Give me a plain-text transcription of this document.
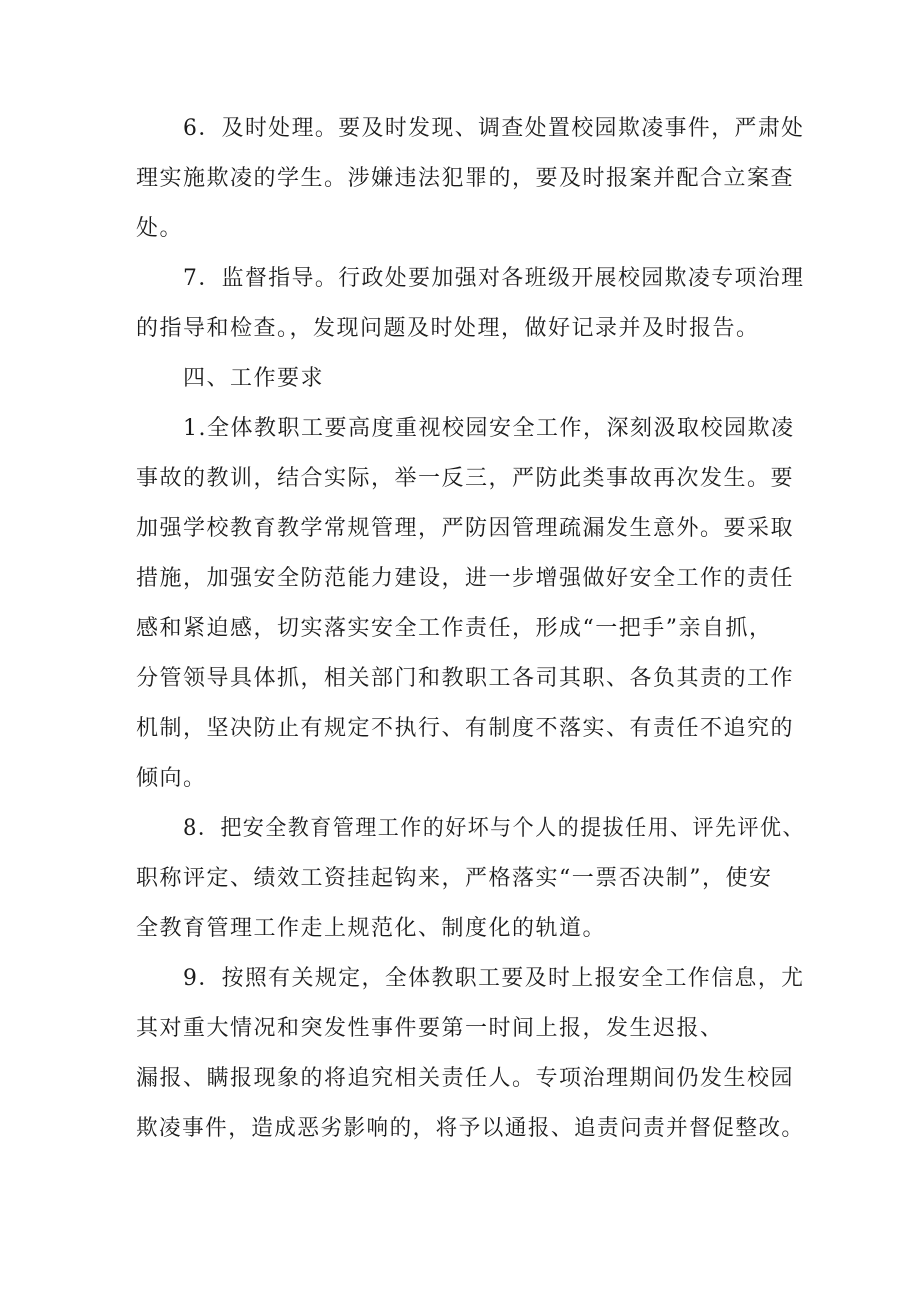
6．及时处理。要及时发现、调查处置校园欺凌事件，严肃处
理实施欺凌的学生。涉嫌违法犯罪的，要及时报案并配合立案查
处。
7．监督指导。行政处要加强对各班级开展校园欺凌专项治理
的指导和检查。，发现问题及时处理，做好记录并及时报告。
四、工作要求
1.全体教职工要高度重视校园安全工作，深刻汲取校园欺凌
事故的教训，结合实际，举一反三，严防此类事故再次发生。要
加强学校教育教学常规管理，严防因管理疏漏发生意外。要采取
措施，加强安全防范能力建设，进一步增强做好安全工作的责任
感和紧迫感，切实落实安全工作责任，形成“一把手”亲自抓，
分管领导具体抓，相关部门和教职工各司其职、各负其责的工作
机制，坚决防止有规定不执行、有制度不落实、有责任不追究的
倾向。
8．把安全教育管理工作的好坏与个人的提拔任用、评先评优、
职称评定、绩效工资挂起钩来，严格落实“一票否决制”，使安
全教育管理工作走上规范化、制度化的轨道。
9．按照有关规定，全体教职工要及时上报安全工作信息，尤
其对重大情况和突发性事件要第一时间上报，发生迟报、
漏报、瞒报现象的将追究相关责任人。专项治理期间仍发生校园
欺凌事件，造成恶劣影响的，将予以通报、追责问责并督促整改。
